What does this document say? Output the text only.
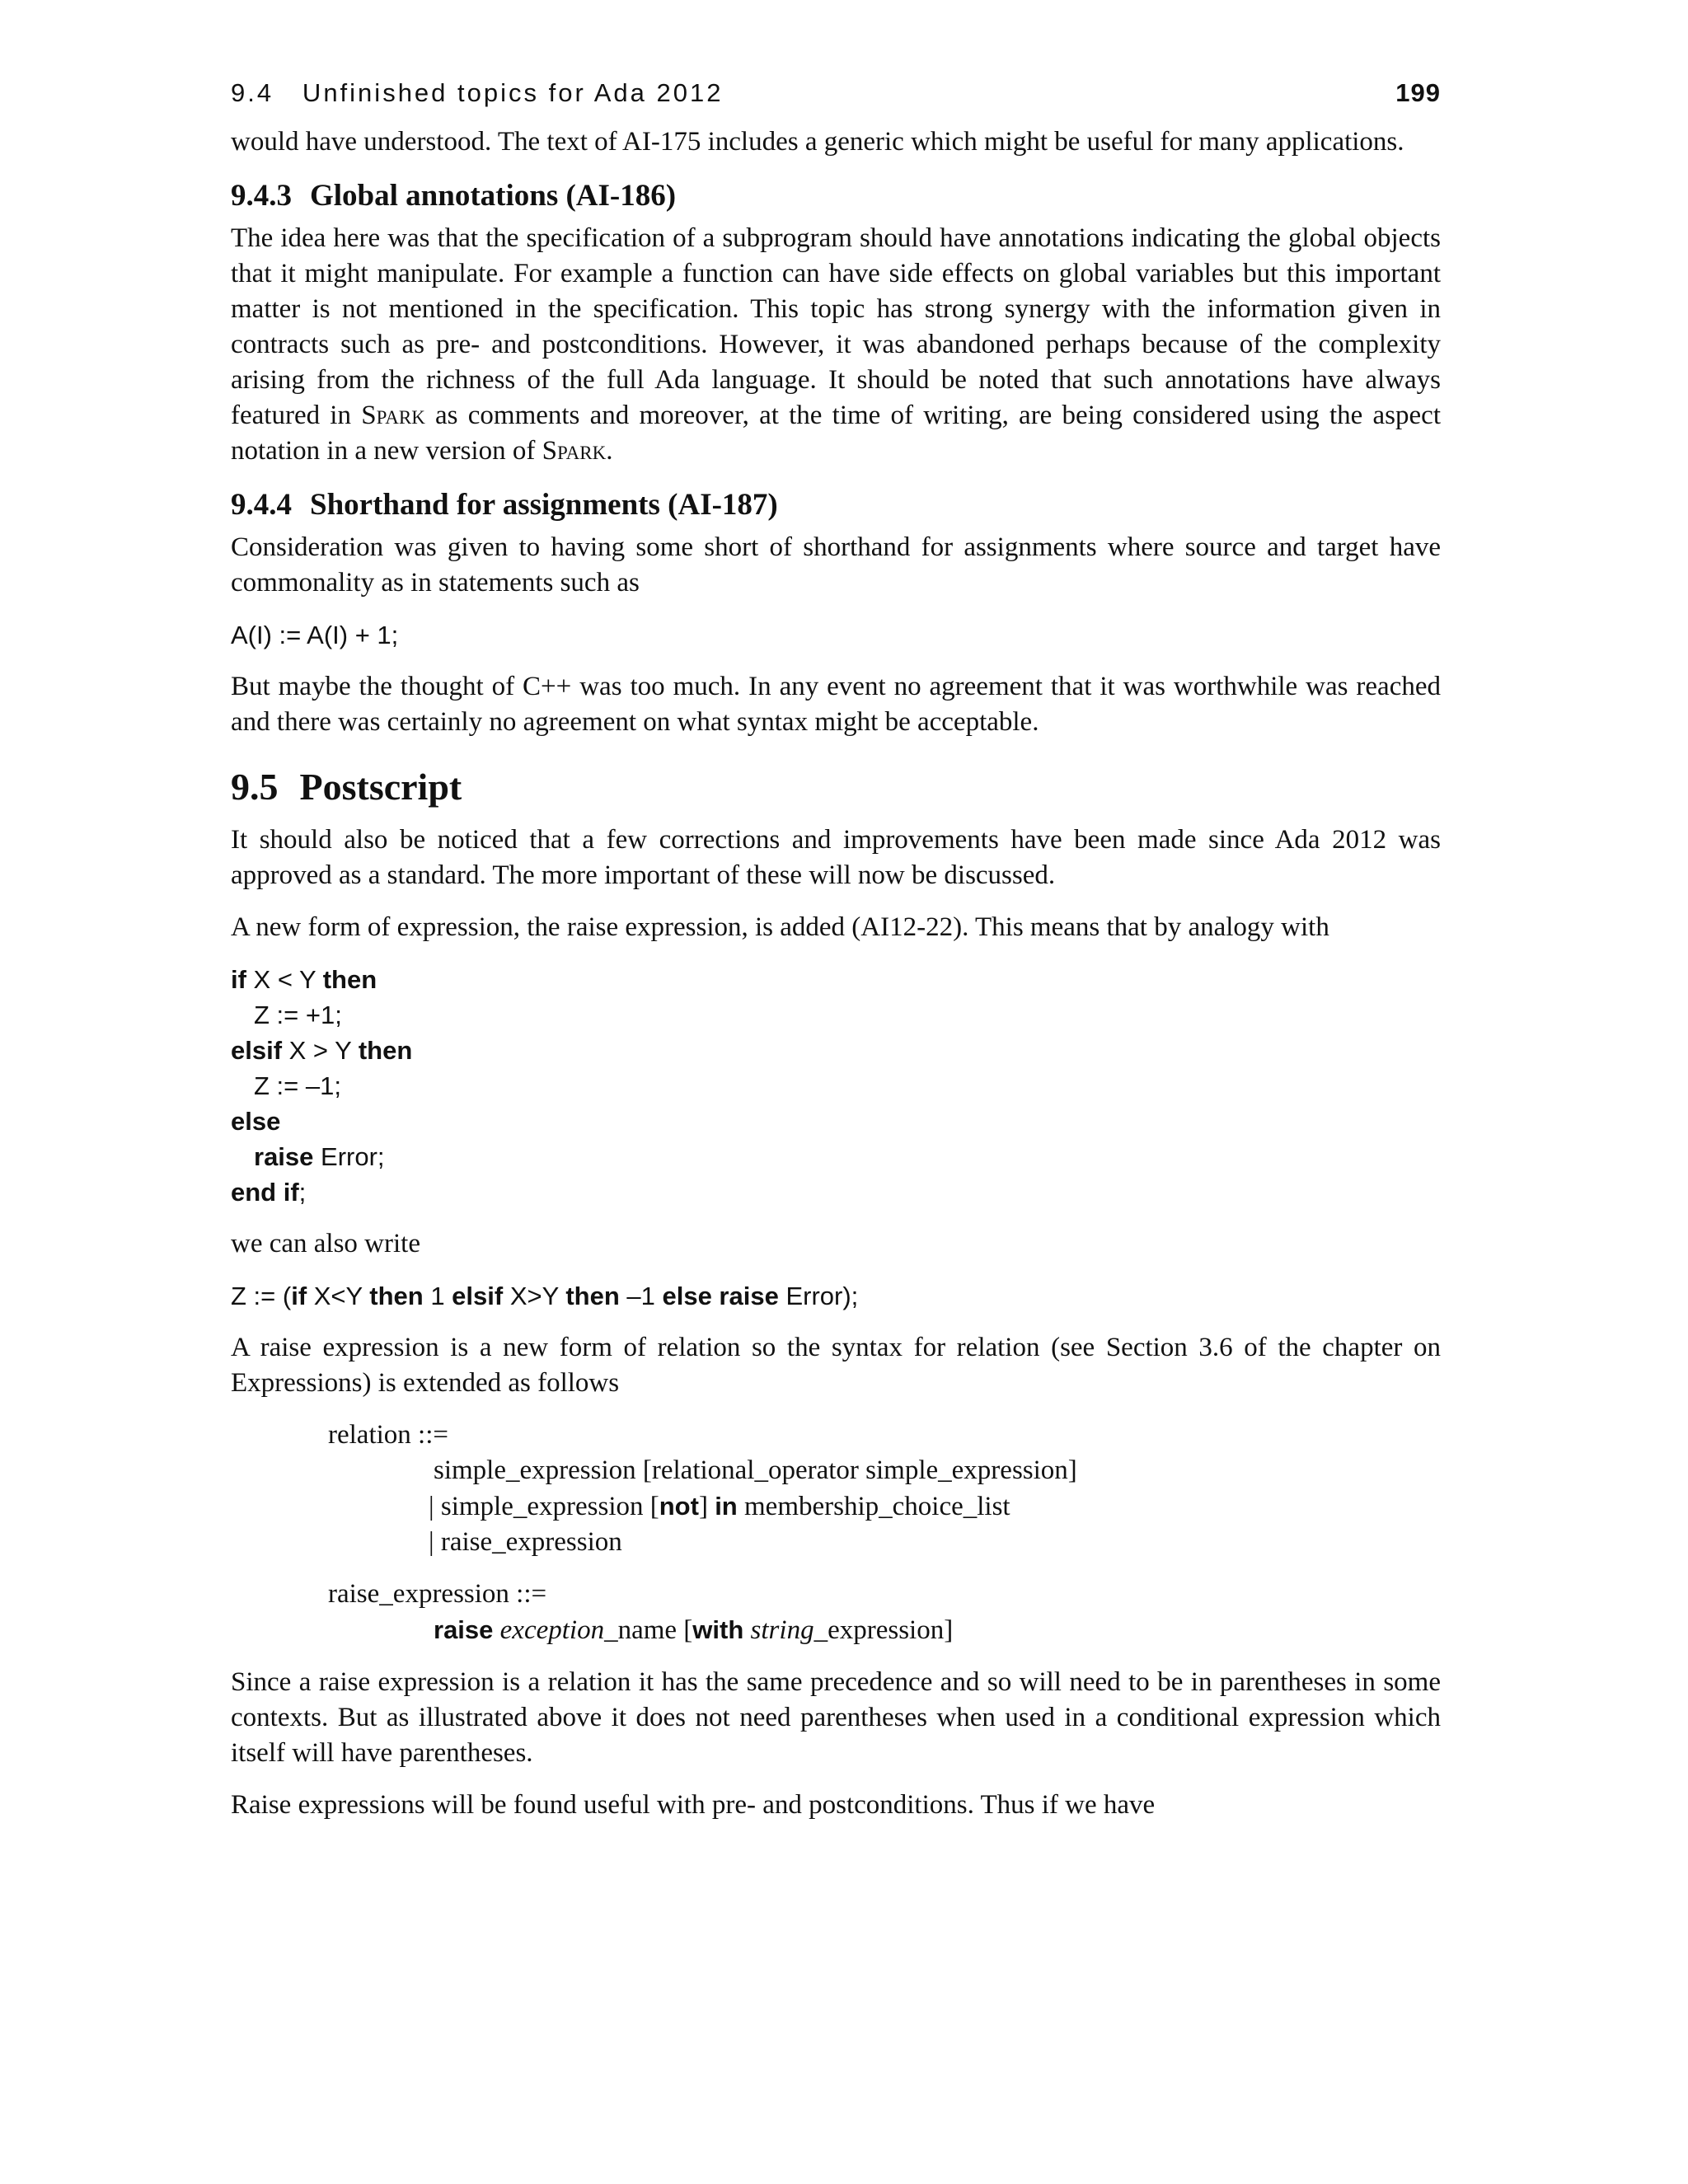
9.4   Unfinished topics for Ada 2012	199

would have understood. The text of AI-175 includes a generic which might be useful for many applications.

9.4.3 Global annotations (AI-186)

The idea here was that the specification of a subprogram should have annotations indicating the global objects that it might manipulate. For example a function can have side effects on global variables but this important matter is not mentioned in the specification. This topic has strong synergy with the information given in contracts such as pre- and postconditions. However, it was abandoned perhaps because of the complexity arising from the richness of the full Ada language. It should be noted that such annotations have always featured in Spark as comments and moreover, at the time of writing, are being considered using the aspect notation in a new version of Spark.

9.4.4 Shorthand for assignments (AI-187)

Consideration was given to having some short of shorthand for assignments where source and target have commonality as in statements such as

A(I) := A(I) + 1;

But maybe the thought of C++ was too much. In any event no agreement that it was worthwhile was reached and there was certainly no agreement on what syntax might be acceptable.

9.5 Postscript

It should also be noticed that a few corrections and improvements have been made since Ada 2012 was approved as a standard. The more important of these will now be discussed.

A new form of expression, the raise expression, is added (AI12-22). This means that by analogy with

if X < Y then
Z := +1;
elsif X > Y then
Z := –1;
else
raise Error;
end if;

we can also write

Z := (if X<Y then 1 elsif X>Y then –1 else raise Error);

A raise expression is a new form of relation so the syntax for relation (see Section 3.6 of the chapter on Expressions) is extended as follows

relation ::=
simple_expression [relational_operator simple_expression]
| simple_expression [not] in membership_choice_list
| raise_expression
raise_expression ::=
raise exception_name [with string_expression]

Since a raise expression is a relation it has the same precedence and so will need to be in parentheses in some contexts. But as illustrated above it does not need parentheses when used in a conditional expression which itself will have parentheses.

Raise expressions will be found useful with pre- and postconditions. Thus if we have
